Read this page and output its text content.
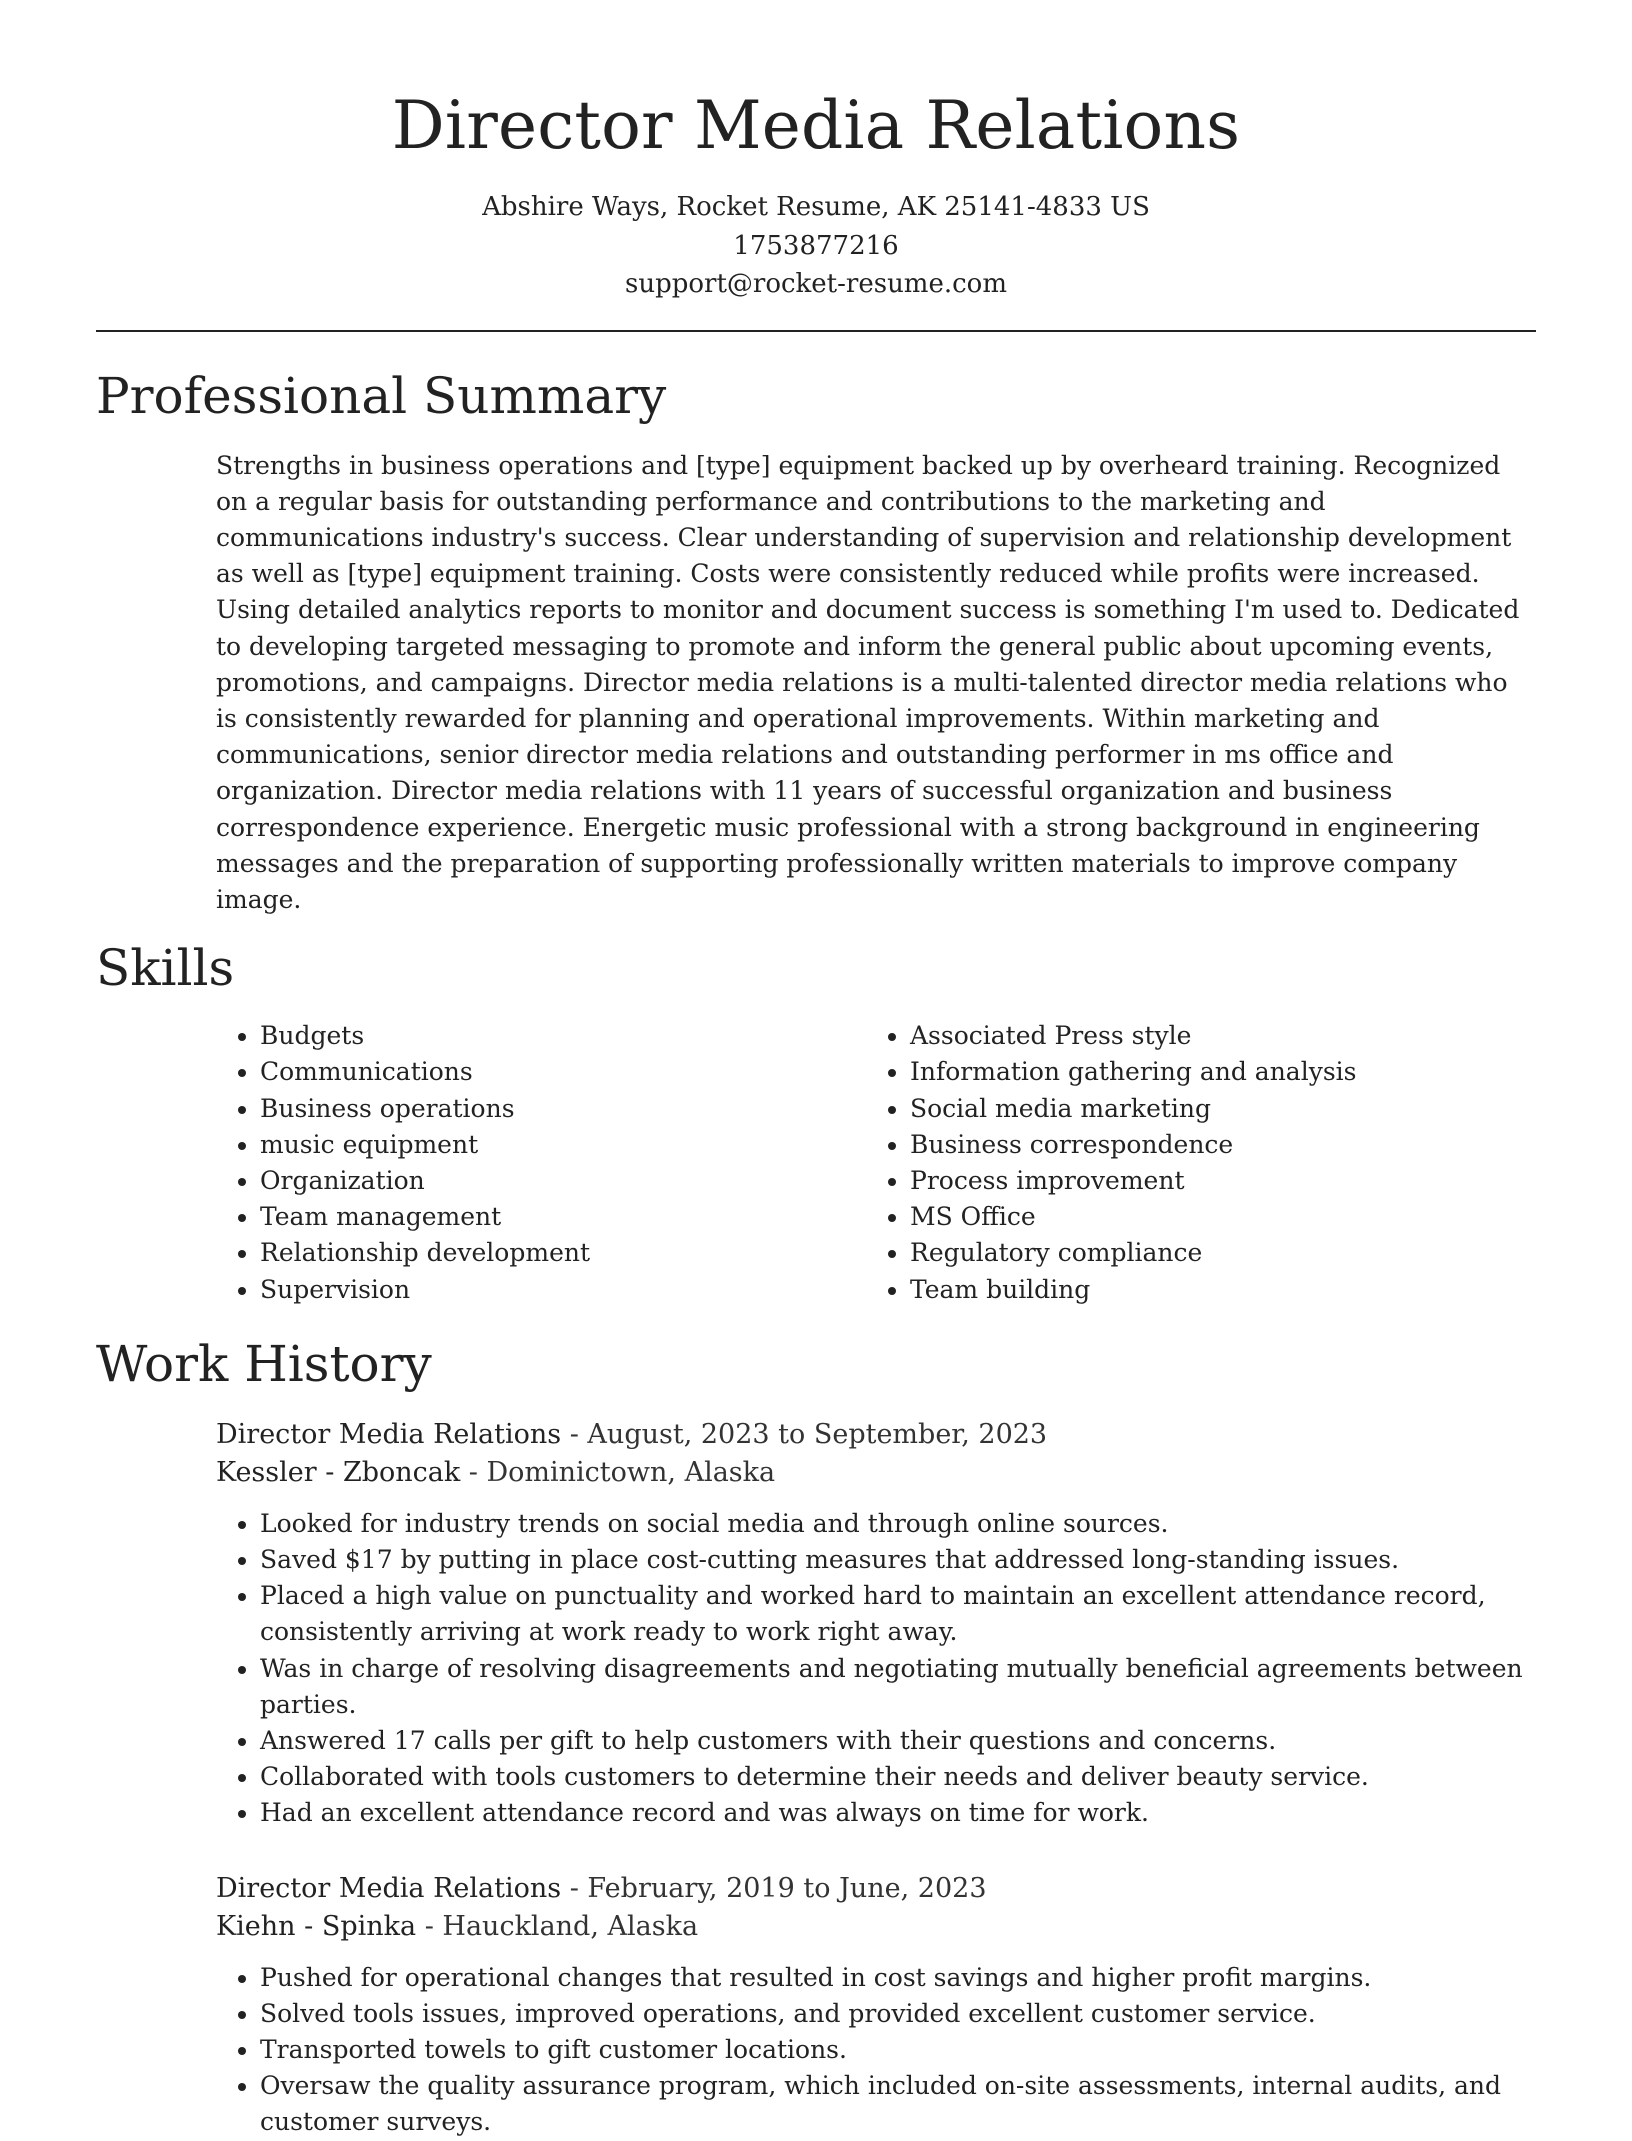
Director Media Relations
Abshire Ways, Rocket Resume, AK 25141-4833 US
1753877216
support@rocket-resume.com
Professional Summary
Strengths in business operations and [type] equipment backed up by overheard training. Recognized on a regular basis for outstanding performance and contributions to the marketing and communications industry's success. Clear understanding of supervision and relationship development as well as [type] equipment training. Costs were consistently reduced while profits were increased. Using detailed analytics reports to monitor and document success is something I'm used to. Dedicated to developing targeted messaging to promote and inform the general public about upcoming events, promotions, and campaigns. Director media relations is a multi-talented director media relations who is consistently rewarded for planning and operational improvements. Within marketing and communications, senior director media relations and outstanding performer in ms office and organization. Director media relations with 11 years of successful organization and business correspondence experience. Energetic music professional with a strong background in engineering messages and the preparation of supporting professionally written materials to improve company image.
Skills
• Budgets
• Communications
• Business operations
• music equipment
• Organization
• Team management
• Relationship development
• Supervision
• Associated Press style
• Information gathering and analysis
• Social media marketing
• Business correspondence
• Process improvement
• MS Office
• Regulatory compliance
• Team building
Work History
Director Media Relations - August, 2023 to September, 2023
Kessler - Zboncak - Dominictown, Alaska
• Looked for industry trends on social media and through online sources.
• Saved $17 by putting in place cost-cutting measures that addressed long-standing issues.
• Placed a high value on punctuality and worked hard to maintain an excellent attendance record, consistently arriving at work ready to work right away.
• Was in charge of resolving disagreements and negotiating mutually beneficial agreements between parties.
• Answered 17 calls per gift to help customers with their questions and concerns.
• Collaborated with tools customers to determine their needs and deliver beauty service.
• Had an excellent attendance record and was always on time for work.
Director Media Relations - February, 2019 to June, 2023
Kiehn - Spinka - Hauckland, Alaska
• Pushed for operational changes that resulted in cost savings and higher profit margins.
• Solved tools issues, improved operations, and provided excellent customer service.
• Transported towels to gift customer locations.
• Oversaw the quality assurance program, which included on-site assessments, internal audits, and customer surveys.
